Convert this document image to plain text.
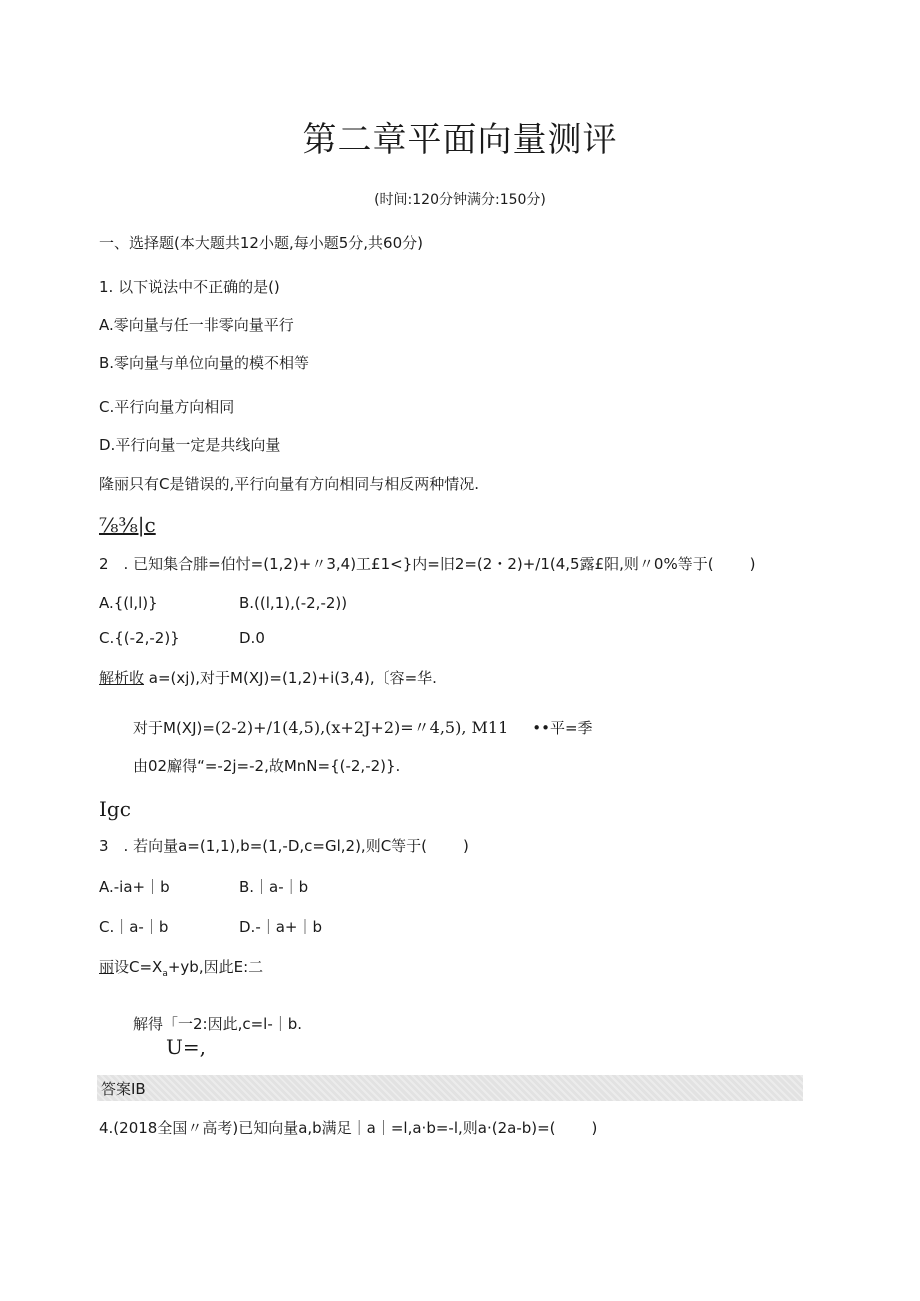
第二章平面向量测评
(时间:120分钟满分:150分)
一、选择题(本大题共12小题,每小题5分,共60分)
1. 以下说法中不正确的是()
A.零向量与任一非零向量平行
B.零向量与单位向量的模不相等
C.平行向量方向相同
D.平行向量一定是共线向量
隆丽只有C是错误的,平行向量有方向相同与相反两种情况.
⅞⅜|c
2　. 已知集合腓=伯忖=(1,2)+〃3,4)工£1<}内=旧2=(2・2)+/1(4,5露£阳,则〃0%等于( )
A.{(l,l)}	B.((l,1),(-2,-2))
C.{(-2,-2)}	D.0
解析收 a=(xj),对于M(XJ)=(1,2)+i(3,4),〔容=华.
对于M(XJ)=(2-2)+/1(4,5),(x+2J+2)=〃4,5), M11 ••平=季
由02廨得“=-2j=-2,故MnN={(-2,-2)}.
Igc
3　. 若向量a=(1,1),b=(1,-D,c=Gl,2),则C等于( )
A.-ia+｜b	B.｜a-｜b
C.｜a-｜b	D.-｜a+｜b
丽设$C=X_a+yb$,因此E:二
解得「一2:因此,c=l-｜b.
U=,
答案IB
4.(2018全国〃高考)已知向量a,b满足｜a｜=l,a·b=-l,则a·(2a-b)=( )
